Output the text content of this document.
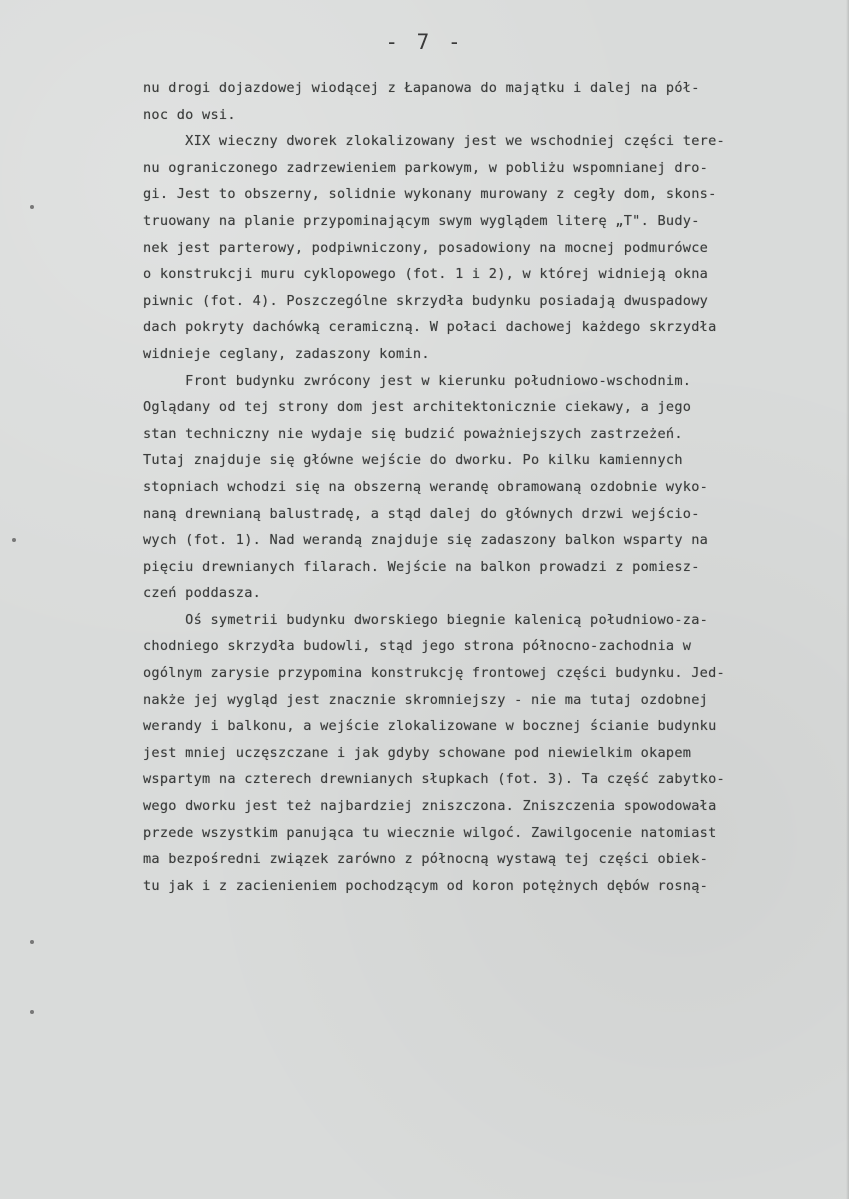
- 7 -
nu drogi dojazdowej wiodącej z Łapanowa do majątku i dalej na pół-
noc do wsi.
XIX wieczny dworek zlokalizowany jest we wschodniej części tere-
nu ograniczonego zadrzewieniem parkowym, w pobliżu wspomnianej dro-
gi. Jest to obszerny, solidnie wykonany murowany z cegły dom, skons-
truowany na planie przypominającym swym wyglądem literę „T". Budy-
nek jest parterowy, podpiwniczony, posadowiony na mocnej podmurówce
o konstrukcji muru cyklopowego (fot. 1 i 2), w której widnieją okna
piwnic (fot. 4). Poszczególne skrzydła budynku posiadają dwuspadowy
dach pokryty dachówką ceramiczną. W połaci dachowej każdego skrzydła
widnieje ceglany, zadaszony komin.
Front budynku zwrócony jest w kierunku południowo-wschodnim.
Oglądany od tej strony dom jest architektonicznie ciekawy, a jego
stan techniczny nie wydaje się budzić poważniejszych zastrzeżeń.
Tutaj znajduje się główne wejście do dworku. Po kilku kamiennych
stopniach wchodzi się na obszerną werandę obramowaną ozdobnie wyko-
naną drewnianą balustradę, a stąd dalej do głównych drzwi wejścio-
wych (fot. 1). Nad werandą znajduje się zadaszony balkon wsparty na
pięciu drewnianych filarach. Wejście na balkon prowadzi z pomiesz-
czeń poddasza.
Oś symetrii budynku dworskiego biegnie kalenicą południowo-za-
chodniego skrzydła budowli, stąd jego strona północno-zachodnia w
ogólnym zarysie przypomina konstrukcję frontowej części budynku. Jed-
nakże jej wygląd jest znacznie skromniejszy - nie ma tutaj ozdobnej
werandy i balkonu, a wejście zlokalizowane w bocznej ścianie budynku
jest mniej uczęszczane i jak gdyby schowane pod niewielkim okapem
wspartym na czterech drewnianych słupkach (fot. 3). Ta część zabytko-
wego dworku jest też najbardziej zniszczona. Zniszczenia spowodowała
przede wszystkim panująca tu wiecznie wilgoć. Zawilgocenie natomiast
ma bezpośredni związek zarówno z północną wystawą tej części obiek-
tu jak i z zacienieniem pochodzącym od koron potężnych dębów rosną-
